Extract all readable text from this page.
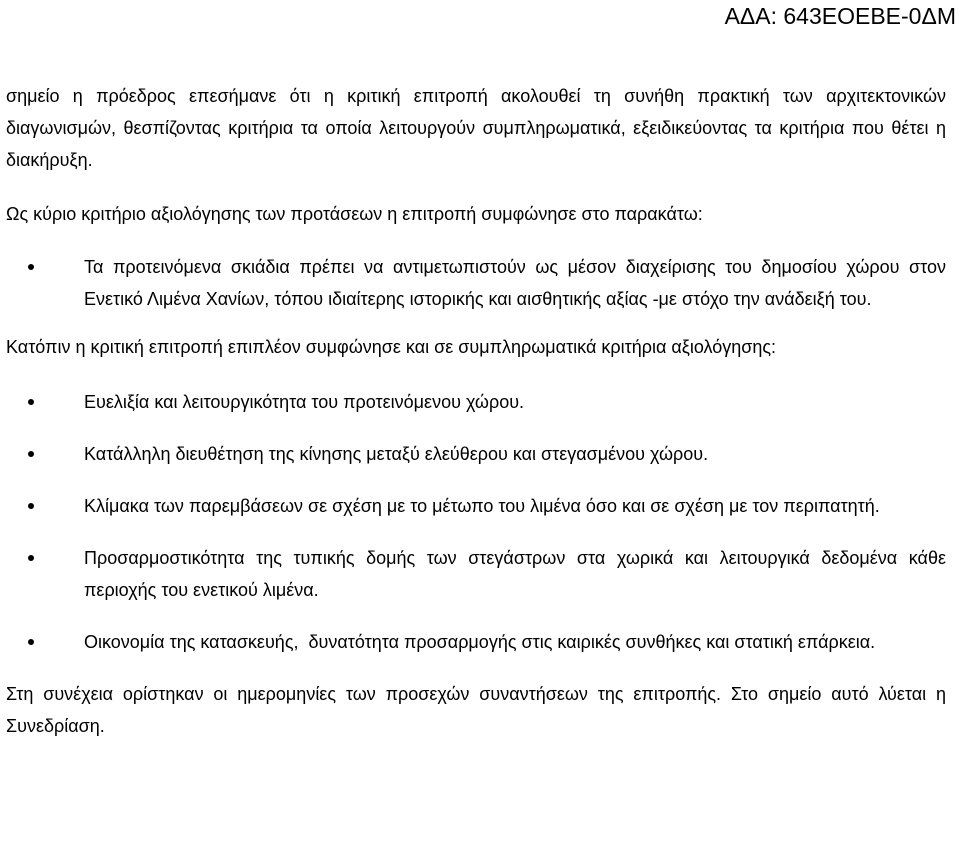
ΑΔΑ: 643ΕΟΕΒΕ-0ΔΜ

σημείο η πρόεδρος επεσήμανε ότι η κριτική επιτροπή ακολουθεί τη συνήθη πρακτική των αρχιτεκτονικών διαγωνισμών, θεσπίζοντας κριτήρια τα οποία λειτουργούν συμπληρωματικά, εξειδικεύοντας τα κριτήρια που θέτει η διακήρυξη.

Ως κύριο κριτήριο αξιολόγησης των προτάσεων η επιτροπή συμφώνησε στο παρακάτω:

Τα προτεινόμενα σκιάδια πρέπει να αντιμετωπιστούν ως μέσον διαχείρισης του δημοσίου χώρου στον Ενετικό Λιμένα Χανίων, τόπου ιδιαίτερης ιστορικής και αισθητικής αξίας -με στόχο την ανάδειξή του.

Κατόπιν η κριτική επιτροπή επιπλέον συμφώνησε και σε συμπληρωματικά κριτήρια αξιολόγησης:

Ευελιξία και λειτουργικότητα του προτεινόμενου χώρου.
Κατάλληλη διευθέτηση της κίνησης μεταξύ ελεύθερου και στεγασμένου χώρου.
Κλίμακα των παρεμβάσεων σε σχέση με το μέτωπο του λιμένα όσο και σε σχέση με τον περιπατητή.
Προσαρμοστικότητα της τυπικής δομής των στεγάστρων στα χωρικά και λειτουργικά δεδομένα κάθε περιοχής του ενετικού λιμένα.
Οικονομία της κατασκευής,  δυνατότητα προσαρμογής στις καιρικές συνθήκες και στατική επάρκεια.

Στη συνέχεια ορίστηκαν οι ημερομηνίες των προσεχών συναντήσεων της επιτροπής. Στο σημείο αυτό λύεται η Συνεδρίαση.
